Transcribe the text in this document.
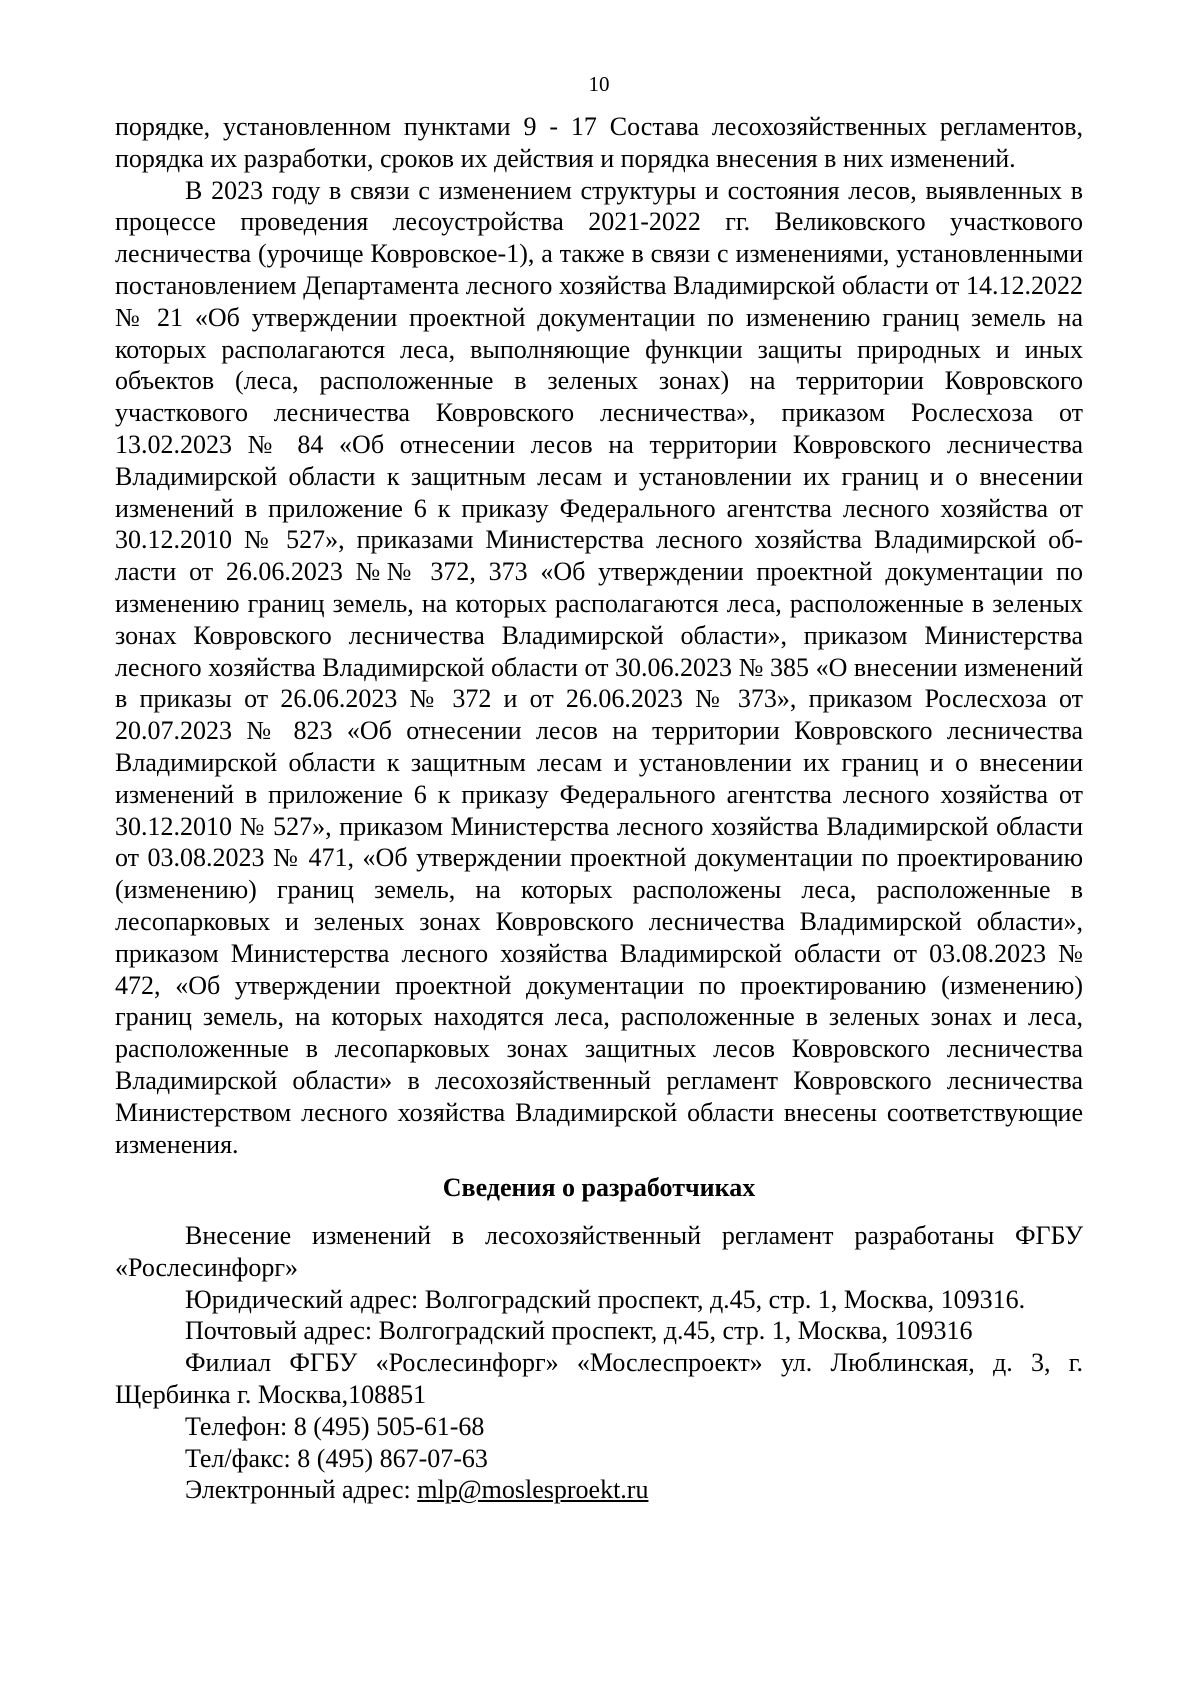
10

порядке, установленном пунктами 9 - 17 Состава лесохозяйственных регламентов, порядка их разработки, сроков их действия и порядка внесения в них изменений.

В 2023 году в связи с изменением структуры и состояния лесов, выявленных в процессе проведения лесоустройства 2021-2022 гг. Великовского участкового лесничества (урочище Ковровское-1), а также в связи с изменениями, установленными постановлением Департамента лесного хозяйства Владимирской области от 14.12.2022 № 21 «Об утверждении проектной документации по изменению границ земель на которых располагаются леса, выполняющие функции защиты природных и иных объектов (леса, расположенные в зеленых зонах) на территории Ковровского участкового лесничества Ковровского лесничества», приказом Рослесхоза от 13.02.2023 № 84 «Об отнесении лесов на территории Ковровского лесничества Владимирской области к защитным лесам и установлении их границ и о внесении изменений в приложение 6 к приказу Федерального агентства лесного хозяйства от 30.12.2010 № 527», приказами Министерства лесного хозяйства Владимирской области от 26.06.2023 №№ 372, 373 «Об утверждении проектной документации по изменению границ земель, на которых располагаются леса, расположенные в зеленых зонах Ковровского лесничества Владимирской области», приказом Министерства лесного хозяйства Владимирской области от 30.06.2023 № 385 «О внесении изменений в приказы от 26.06.2023 № 372 и от 26.06.2023 № 373», приказом Рослесхоза от 20.07.2023 № 823 «Об отнесении лесов на территории Ковровского лесничества Владимирской области к защитным лесам и установлении их границ и о внесении изменений в приложение 6 к приказу Федерального агентства лесного хозяйства от 30.12.2010 № 527», приказом Министерства лесного хозяйства Владимирской области от 03.08.2023 № 471, «Об утверждении проектной документации по проектированию (изменению) границ земель, на которых расположены леса, расположенные в лесопарковых и зеленых зонах Ковровского лесничества Владимирской области», приказом Министерства лесного хозяйства Владимирской области от 03.08.2023 № 472, «Об утверждении проектной документации по проектированию (изменению) границ земель, на которых находятся леса, расположенные в зеленых зонах и леса, расположенные в лесопарковых зонах защитных лесов Ковровского лесничества Владимирской области» в лесохозяйственный регламент Ковровского лесничества Министерством лесного хозяйства Владимирской области внесены соответствующие изменения.

Сведения о разработчиках

Внесение изменений в лесохозяйственный регламент разработаны ФГБУ «Рослесинфорг»

Юридический адрес: Волгоградский проспект, д.45, стр. 1, Москва, 109316.

Почтовый адрес: Волгоградский проспект, д.45, стр. 1, Москва, 109316

Филиал ФГБУ «Рослесинфорг» «Мослеспроект» ул. Люблинская, д. 3, г. Щербинка г. Москва,108851

Телефон: 8 (495) 505-61-68

Тел/факс: 8 (495) 867-07-63

Электронный адрес: mlp@moslesproekt.ru
